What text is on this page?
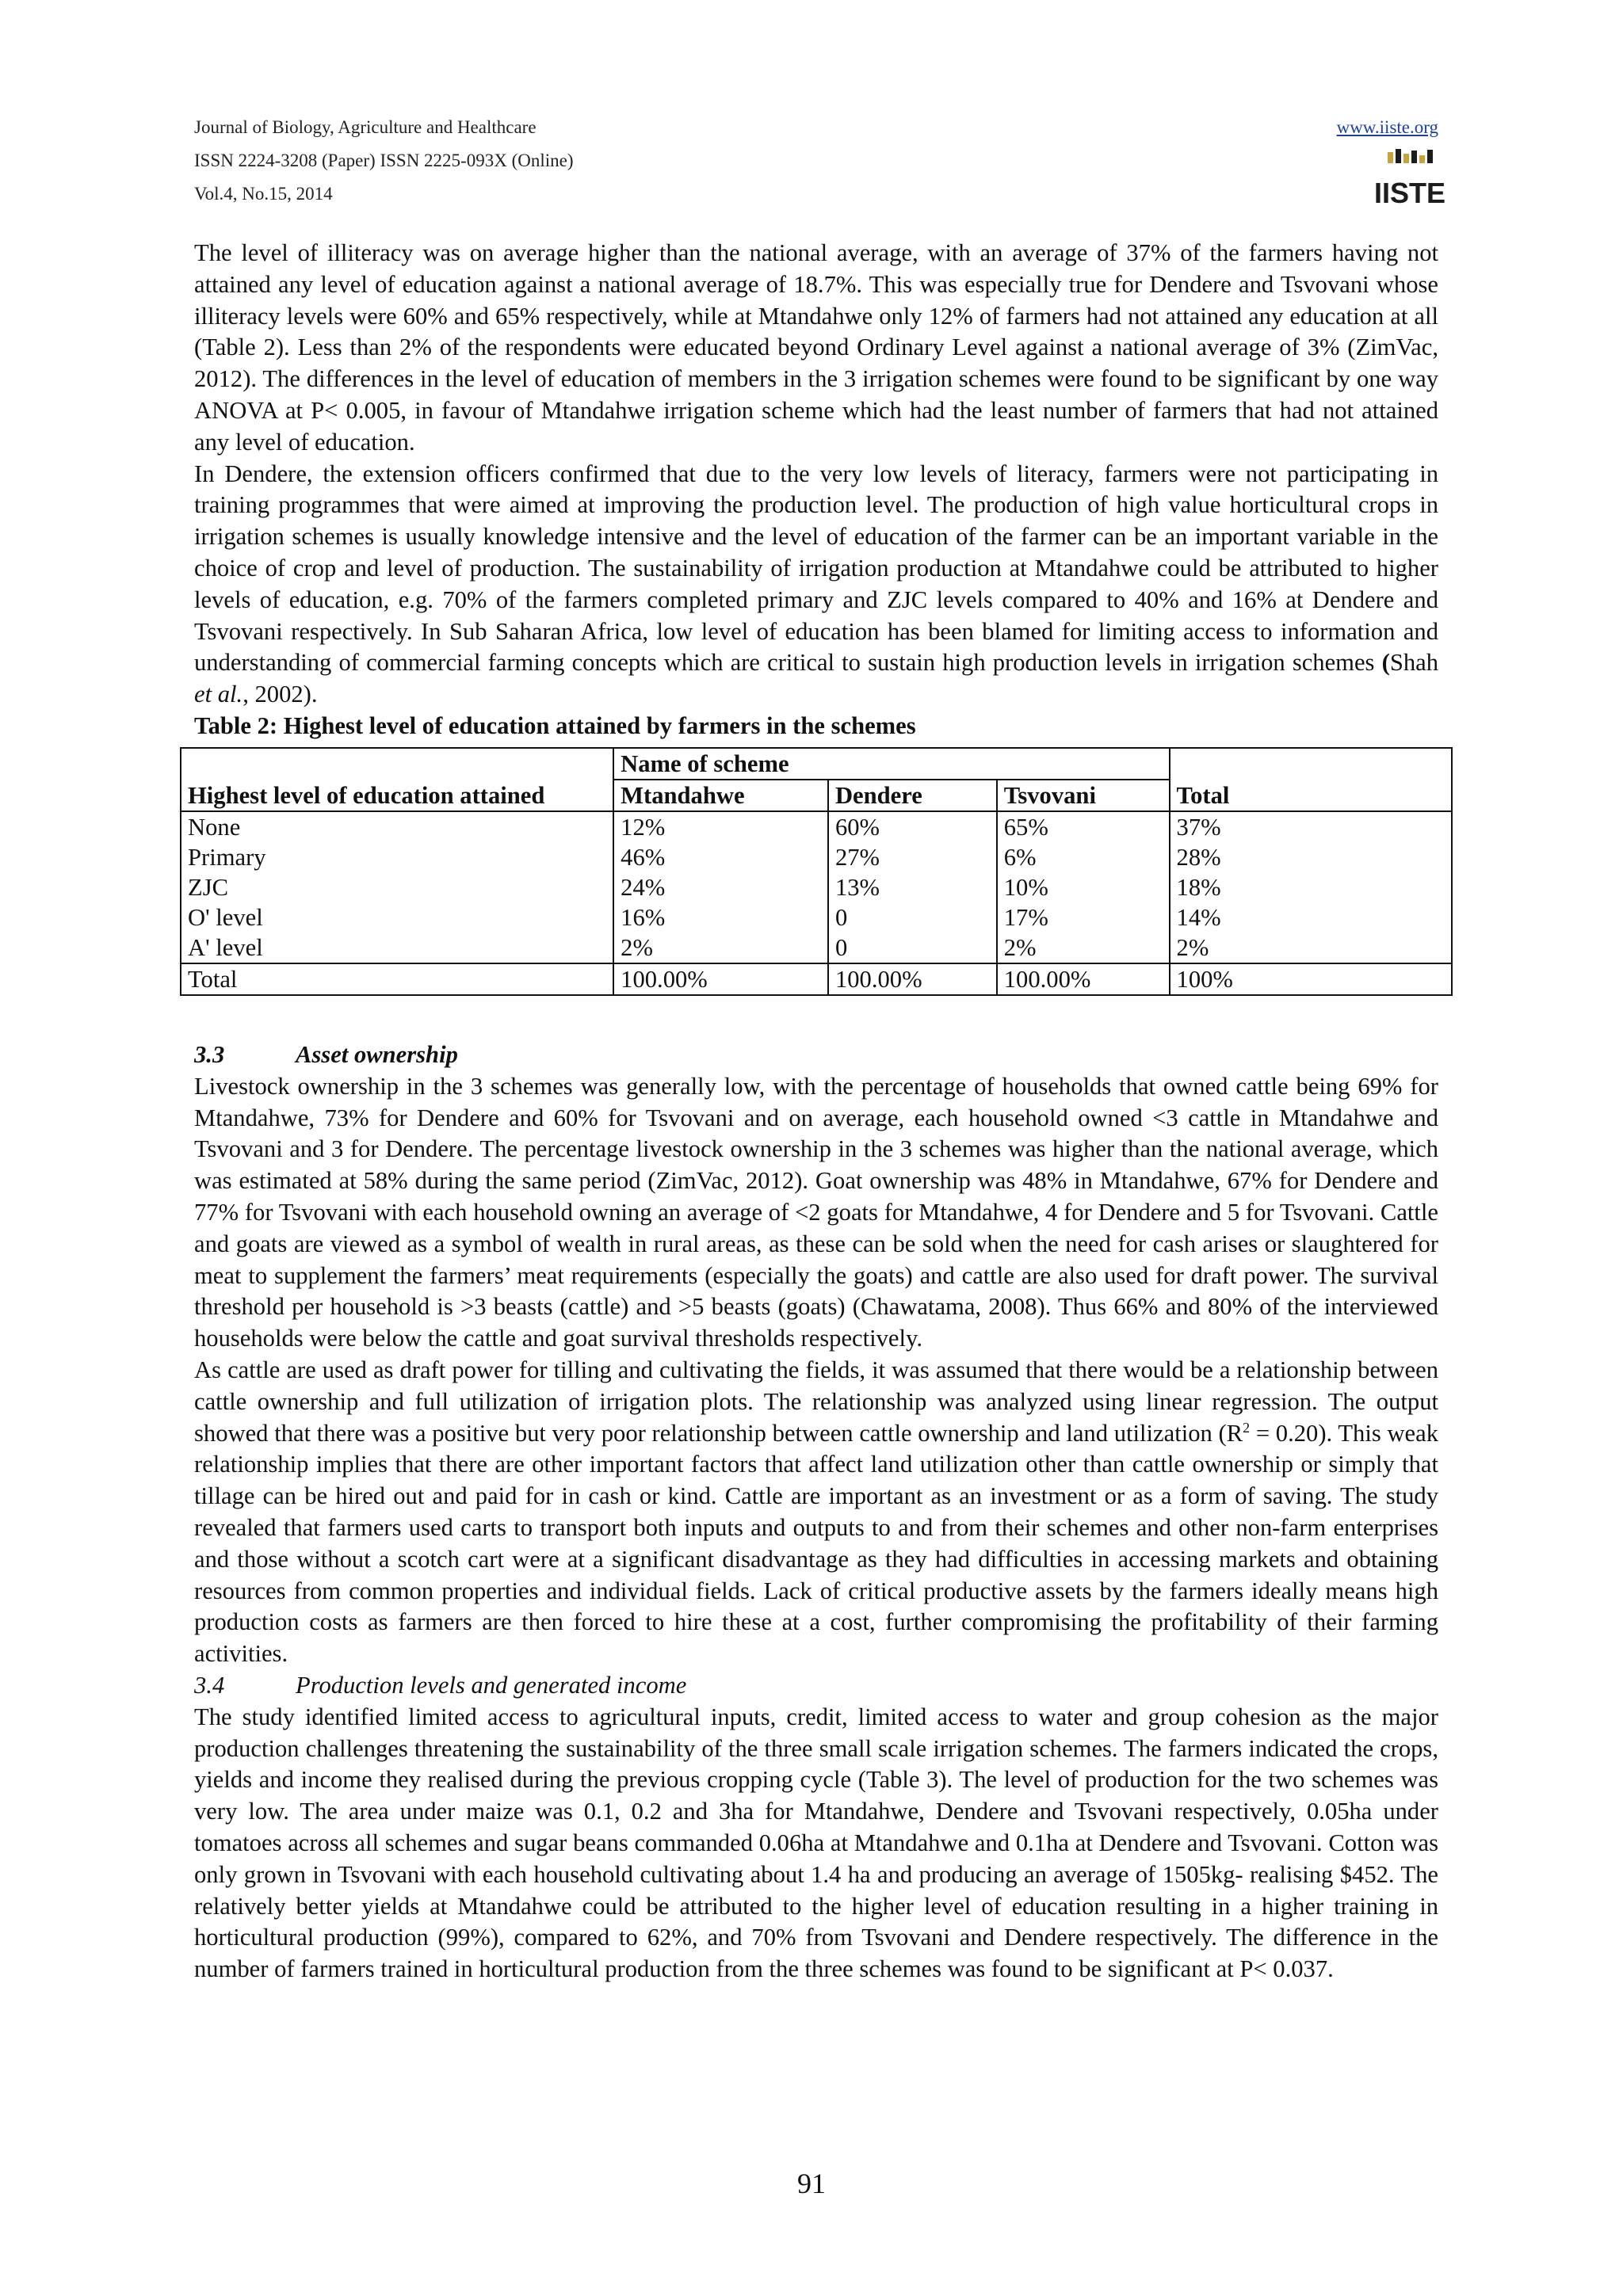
Journal of Biology, Agriculture and Healthcare
ISSN 2224-3208 (Paper) ISSN 2225-093X (Online)
Vol.4, No.15, 2014
www.iiste.org
IISTE

The level of illiteracy was on average higher than the national average, with an average of 37% of the farmers having not attained any level of education against a national average of 18.7%. This was especially true for Dendere and Tsvovani whose illiteracy levels were 60% and 65% respectively, while at Mtandahwe only 12% of farmers had not attained any education at all (Table 2). Less than 2% of the respondents were educated beyond Ordinary Level against a national average of 3% (ZimVac, 2012). The differences in the level of education of members in the 3 irrigation schemes were found to be significant by one way ANOVA at P< 0.005, in favour of Mtandahwe irrigation scheme which had the least number of farmers that had not attained any level of education.

In Dendere, the extension officers confirmed that due to the very low levels of literacy, farmers were not participating in training programmes that were aimed at improving the production level. The production of high value horticultural crops in irrigation schemes is usually knowledge intensive and the level of education of the farmer can be an important variable in the choice of crop and level of production. The sustainability of irrigation production at Mtandahwe could be attributed to higher levels of education, e.g. 70% of the farmers completed primary and ZJC levels compared to 40% and 16% at Dendere and Tsvovani respectively. In Sub Saharan Africa, low level of education has been blamed for limiting access to information and understanding of commercial farming concepts which are critical to sustain high production levels in irrigation schemes (Shah et al., 2002).

Table 2: Highest level of education attained by farmers in the schemes

Highest level of education attained	Name of scheme			Total
	Mtandahwe	Dendere	Tsvovani	
None	12%	60%	65%	37%
Primary	46%	27%	6%	28%
ZJC	24%	13%	10%	18%
O' level	16%	0	17%	14%
A' level	2%	0	2%	2%
Total	100.00%	100.00%	100.00%	100%

3.3	Asset ownership

Livestock ownership in the 3 schemes was generally low, with the percentage of households that owned cattle being 69% for Mtandahwe, 73% for Dendere and 60% for Tsvovani and on average, each household owned <3 cattle in Mtandahwe and Tsvovani and 3 for Dendere. The percentage livestock ownership in the 3 schemes was higher than the national average, which was estimated at 58% during the same period (ZimVac, 2012). Goat ownership was 48% in Mtandahwe, 67% for Dendere and 77% for Tsvovani with each household owning an average of <2 goats for Mtandahwe, 4 for Dendere and 5 for Tsvovani. Cattle and goats are viewed as a symbol of wealth in rural areas, as these can be sold when the need for cash arises or slaughtered for meat to supplement the farmers’ meat requirements (especially the goats) and cattle are also used for draft power. The survival threshold per household is >3 beasts (cattle) and >5 beasts (goats) (Chawatama, 2008). Thus 66% and 80% of the interviewed households were below the cattle and goat survival thresholds respectively.

As cattle are used as draft power for tilling and cultivating the fields, it was assumed that there would be a relationship between cattle ownership and full utilization of irrigation plots. The relationship was analyzed using linear regression. The output showed that there was a positive but very poor relationship between cattle ownership and land utilization $(R^2 = 0.20)$. This weak relationship implies that there are other important factors that affect land utilization other than cattle ownership or simply that tillage can be hired out and paid for in cash or kind. Cattle are important as an investment or as a form of saving. The study revealed that farmers used carts to transport both inputs and outputs to and from their schemes and other non-farm enterprises and those without a scotch cart were at a significant disadvantage as they had difficulties in accessing markets and obtaining resources from common properties and individual fields. Lack of critical productive assets by the farmers ideally means high production costs as farmers are then forced to hire these at a cost, further compromising the profitability of their farming activities.

3.4	Production levels and generated income

The study identified limited access to agricultural inputs, credit, limited access to water and group cohesion as the major production challenges threatening the sustainability of the three small scale irrigation schemes. The farmers indicated the crops, yields and income they realised during the previous cropping cycle (Table 3). The level of production for the two schemes was very low. The area under maize was 0.1, 0.2 and 3ha for Mtandahwe, Dendere and Tsvovani respectively, 0.05ha under tomatoes across all schemes and sugar beans commanded 0.06ha at Mtandahwe and 0.1ha at Dendere and Tsvovani. Cotton was only grown in Tsvovani with each household cultivating about 1.4 ha and producing an average of 1505kg- realising $452. The relatively better yields at Mtandahwe could be attributed to the higher level of education resulting in a higher training in horticultural production (99%), compared to 62%, and 70% from Tsvovani and Dendere respectively. The difference in the number of farmers trained in horticultural production from the three schemes was found to be significant at P< 0.037.

91
